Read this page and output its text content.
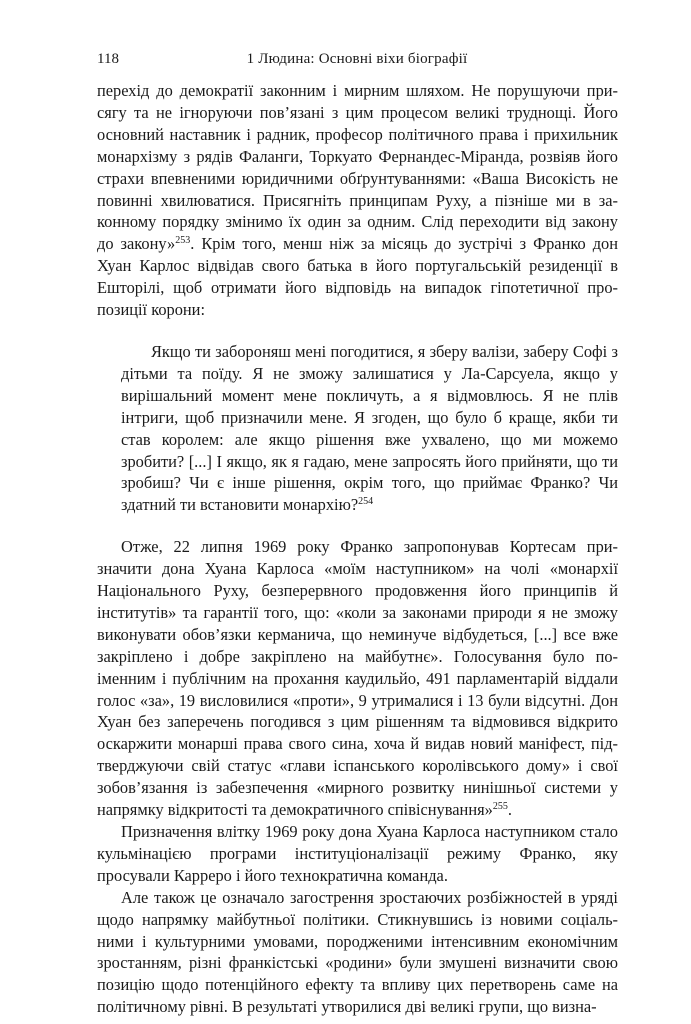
118	1 Людина: Основні віхи біографії

перехід до демократії законним і мирним шляхом. Не порушуючи при-сягу та не ігноруючи пов’язані з цим процесом великі труднощі. Його основний наставник і радник, професор політичного права і прихильник монархізму з рядів Фаланги, Торкуато Фернандес-Міранда, розвіяв його страхи впевненими юридичними обґрунтуваннями: «Ваша Високість не повинні хвилюватися. Присягніть принципам Руху, а пізніше ми в за-конному порядку змінимо їх один за одним. Слід переходити від закону до закону»$^{253}$. Крім того, менш ніж за місяць до зустрічі з Франко дон Хуан Карлос відвідав свого батька в його португальській резиденції в Ешторілі, щоб отримати його відповідь на випадок гіпотетичної про-позиції корони:

Якщо ти забороняш мені погодитися, я зберу валізи, заберу Софі з дітьми та поїду. Я не зможу залишатися у Ла-Сарсуела, якщо у вирішальний момент мене покличуть, а я відмовлюсь. Я не плів інтриги, щоб призначили мене. Я згоден, що було б краще, якби ти став королем: але якщо рішення вже ухвалено, що ми можемо зробити? [...] І якщо, як я гадаю, мене запросять його прийняти, що ти зробиш? Чи є інше рішення, окрім того, що приймає Франко? Чи здатний ти встановити монархію?$^{254}$

Отже, 22 липня 1969 року Франко запропонував Кортесам при-значити дона Хуана Карлоса «моїм наступником» на чолі «монархії Національного Руху, безперервного продовження його принципів й інститутів» та гарантії того, що: «коли за законами природи я не зможу виконувати обов’язки керманича, що неминуче відбудеться, [...] все вже закріплено і добре закріплено на майбутнє». Голосування було по-іменним і публічним на прохання каудильйо, 491 парламентарій віддали голос «за», 19 висловилися «проти», 9 утрималися і 13 були відсутні. Дон Хуан без заперечень погодився з цим рішенням та відмовився відкрито оскаржити монарші права свого сина, хоча й видав новий маніфест, під-тверджуючи свій статус «глави іспанського королівського дому» і свої зобов’язання із забезпечення «мирного розвитку нинішньої системи у напрямку відкритості та демократичного співіснування»$^{255}$.

Призначення влітку 1969 року дона Хуана Карлоса наступником стало кульмінацією програми інституціоналізації режиму Франко, яку просували Карреро і його технократична команда.

Але також це означало загострення зростаючих розбіжностей в уряді щодо напрямку майбутньої політики. Стикнувшись із новими соціаль-ними і культурними умовами, породженими інтенсивним економічним зростанням, різні франкістські «родини» були змушені визначити свою позицію щодо потенційного ефекту та впливу цих перетворень саме на політичному рівні. В результаті утворилися дві великі групи, що визна-
